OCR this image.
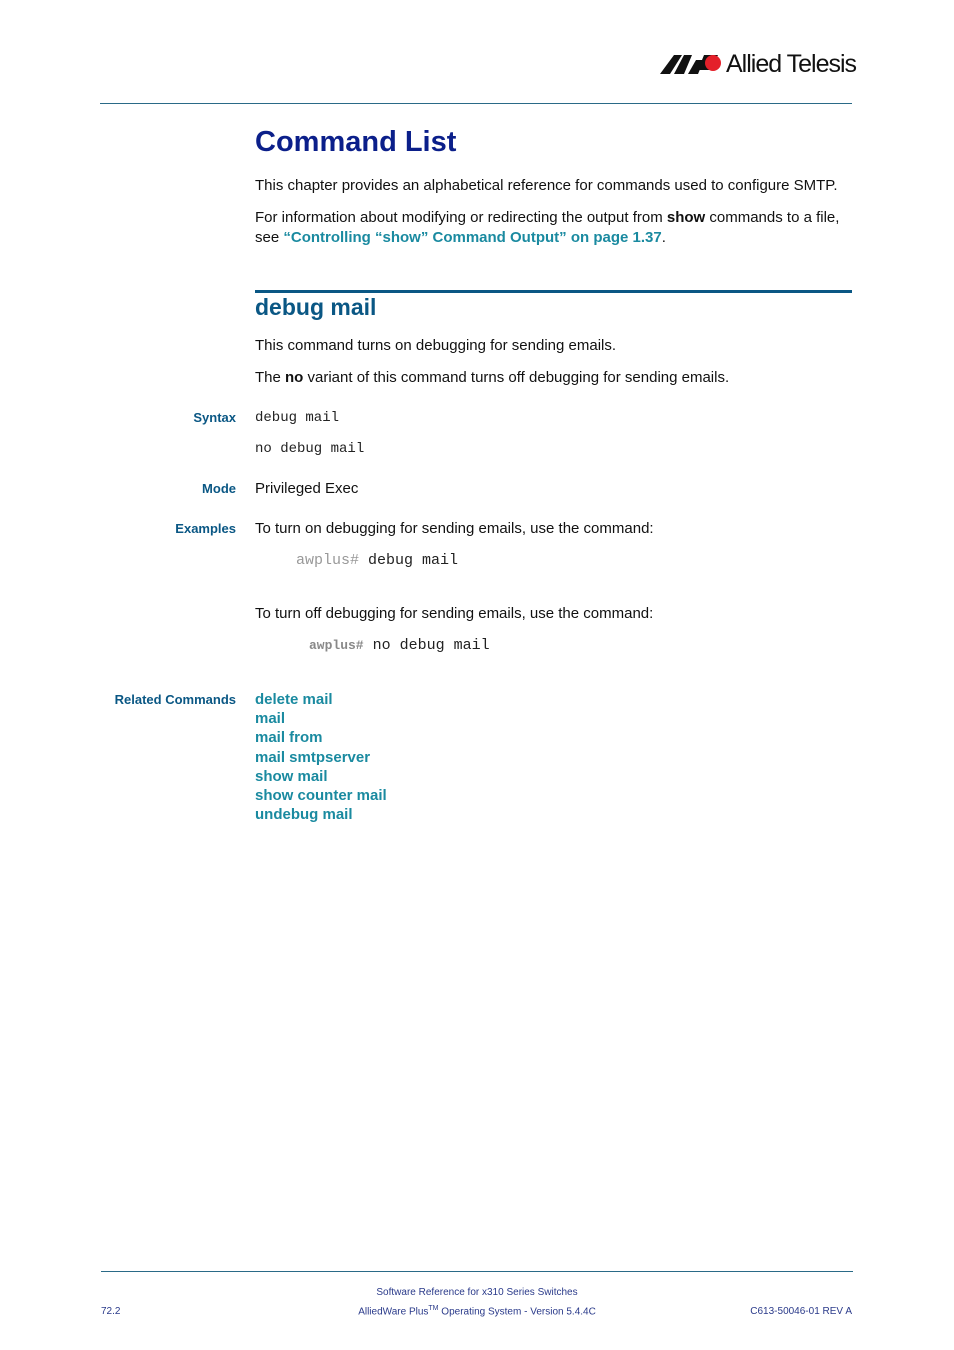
Allied Telesis
Command List
This chapter provides an alphabetical reference for commands used to configure SMTP.
For information about modifying or redirecting the output from show commands to a file,
see “Controlling “show” Command Output” on page 1.37.
debug mail
This command turns on debugging for sending emails.
The no variant of this command turns off debugging for sending emails.
Syntax debug mail
no debug mail
Mode Privileged Exec
Examples To turn on debugging for sending emails, use the command:
awplus# debug mail
To turn off debugging for sending emails, use the command:
awplus# no debug mail
Related Commands delete mail
mail
mail from
mail smtpserver
show mail
show counter mail
undebug mail
Software Reference for x310 Series Switches
AlliedWare Plus™ Operating System - Version 5.4.4C
72.2	C613-50046-01 REV A
